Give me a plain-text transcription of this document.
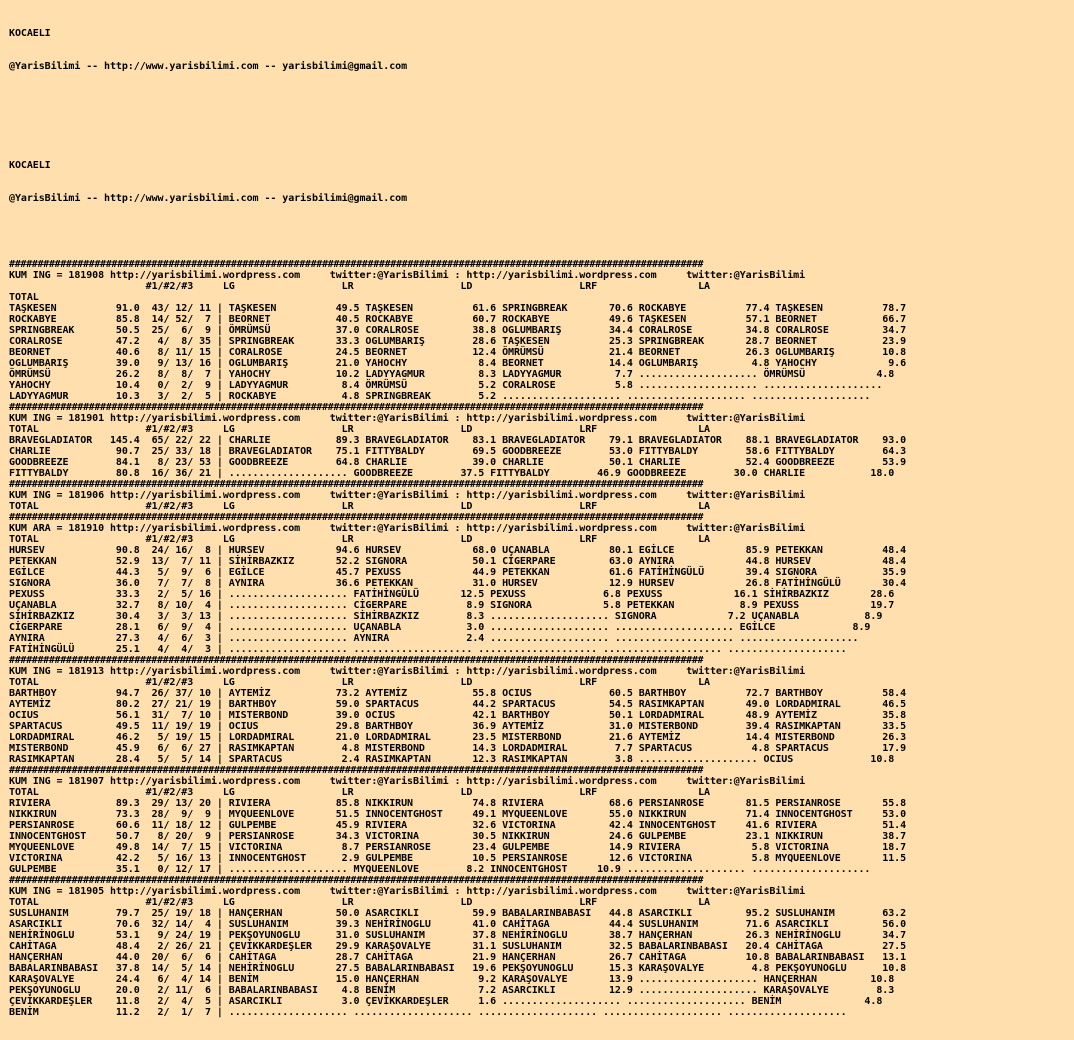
KOCAELI

@YarisBilimi -- http://www.yarisbilimi.com -- yarisbilimi@gmail.com

KOCAELI

@YarisBilimi -- http://www.yarisbilimi.com -- yarisbilimi@gmail.com

##########################################################################################################################
KUM ING = 181908 http://yarisbilimi.wordpress.com     twitter:@YarisBilimi : http://yarisbilimi.wordpress.com     twitter:@YarisBilimi
#1/#2/#3     LG                  LR                  LD                  LRF                 LA
TOTAL
TAŞKESEN          91.0  43/ 12/ 11 | TAŞKESEN          49.5 TAŞKESEN          61.6 SPRINGBREAK       70.6 ROCKABYE          77.4 TAŞKESEN          78.7
ROCKABYE          85.8  14/ 52/  7 | BEORNET           40.5 ROCKABYE          60.7 ROCKABYE          49.6 TAŞKESEN          57.1 BEORNET           66.7
SPRINGBREAK       50.5  25/  6/  9 | ÖMRÜMSÜ           37.0 CORALROSE         38.8 OGLUMBARIŞ        34.4 CORALROSE         34.8 CORALROSE         34.7
CORALROSE         47.2   4/  8/ 35 | SPRINGBREAK       33.3 OGLUMBARIŞ        28.6 TAŞKESEN          25.3 SPRINGBREAK       28.7 BEORNET           23.9
BEORNET           40.6   8/ 11/ 15 | CORALROSE         24.5 BEORNET           12.4 ÖMRÜMSÜ           21.4 BEORNET           26.3 OGLUMBARIŞ        10.8
OGLUMBARIŞ        39.0   9/ 13/ 16 | OGLUMBARIŞ        21.0 YAHOCHY            8.4 BEORNET           14.4 OGLUMBARIŞ         4.8 YAHOCHY            9.6
ÖMRÜMSÜ           26.2   8/  8/  7 | YAHOCHY           10.2 LADYYAGMUR         8.3 LADYYAGMUR         7.7 .................... ÖMRÜMSÜ            4.8
YAHOCHY           10.4   0/  2/  9 | LADYYAGMUR         8.4 ÖMRÜMSÜ            5.2 CORALROSE          5.8 .................... ....................
LADYYAGMUR        10.3   3/  2/  5 | ROCKABYE           4.8 SPRINGBREAK        5.2 .................... .................... ....................
##########################################################################################################################
KUM ING = 181901 http://yarisbilimi.wordpress.com     twitter:@YarisBilimi : http://yarisbilimi.wordpress.com     twitter:@YarisBilimi
TOTAL                  #1/#2/#3     LG                  LR                  LD                  LRF                 LA
BRAVEGLADIATOR   145.4  65/ 22/ 22 | CHARLIE           89.3 BRAVEGLADIATOR    83.1 BRAVEGLADIATOR    79.1 BRAVEGLADIATOR    88.1 BRAVEGLADIATOR    93.0
CHARLIE           90.7  25/ 33/ 18 | BRAVEGLADIATOR    75.1 FITTYBALDY        69.5 GOODBREEZE        53.0 FITTYBALDY        58.6 FITTYBALDY        64.3
GOODBREEZE        84.1   8/ 23/ 53 | GOODBREEZE        64.8 CHARLIE           39.0 CHARLIE           50.1 CHARLIE           52.4 GOODBREEZE        53.9
FITTYBALDY        80.8  16/ 36/ 21 | .................... GOODBREEZE        37.5 FITTYBALDY        46.9 GOODBREEZE        30.0 CHARLIE           18.0
##########################################################################################################################
KUM ING = 181906 http://yarisbilimi.wordpress.com     twitter:@YarisBilimi : http://yarisbilimi.wordpress.com     twitter:@YarisBilimi
TOTAL                  #1/#2/#3     LG                  LR                  LD                  LRF                 LA
##########################################################################################################################
KUM ARA = 181910 http://yarisbilimi.wordpress.com     twitter:@YarisBilimi : http://yarisbilimi.wordpress.com     twitter:@YarisBilimi
TOTAL                  #1/#2/#3     LG                  LR                  LD                  LRF                 LA
HURSEV            90.8  24/ 16/  8 | HURSEV            94.6 HURSEV            68.0 UÇANABLA          80.1 EGİLCE            85.9 PETEKKAN          48.4
PETEKKAN          52.9  13/  7/ 11 | SİHİRBAZKIZ       52.2 SIGNORA           50.1 CİGERPARE         63.0 AYNIRA            44.8 HURSEV            48.4
EGİLCE            44.3   5/  9/  6 | EGİLCE            45.7 PEXUSS            44.9 PETEKKAN          61.6 FATİHİNGÜLÜ       39.4 SIGNORA           35.9
SIGNORA           36.0   7/  7/  8 | AYNIRA            36.6 PETEKKAN          31.0 HURSEV            12.9 HURSEV            26.8 FATİHİNGÜLÜ       30.4
PEXUSS            33.3   2/  5/ 16 | .................... FATİHİNGÜLÜ       12.5 PEXUSS             6.8 PEXUSS            16.1 SİHİRBAZKIZ       28.6
UÇANABLA          32.7   8/ 10/  4 | .................... CİGERPARE          8.9 SIGNORA            5.8 PETEKKAN           8.9 PEXUSS            19.7
SİHİRBAZKIZ       30.4   3/  3/ 13 | .................... SİHİRBAZKIZ        8.3 .................... SIGNORA            7.2 UÇANABLA           8.9
CİGERPARE         28.1   6/  9/  4 | .................... UÇANABLA           3.0 .................... .................... EGİLCE             8.9
AYNIRA            27.3   4/  6/  3 | .................... AYNIRA             2.4 .................... .................... ....................
FATİHİNGÜLÜ       25.1   4/  4/  3 | .................... .................... .................... .................... ....................
##########################################################################################################################
KUM ING = 181913 http://yarisbilimi.wordpress.com     twitter:@YarisBilimi : http://yarisbilimi.wordpress.com     twitter:@YarisBilimi
TOTAL                  #1/#2/#3     LG                  LR                  LD                  LRF                 LA
BARTHBOY          94.7  26/ 37/ 10 | AYTEMİZ           73.2 AYTEMİZ           55.8 OCIUS             60.5 BARTHBOY          72.7 BARTHBOY          58.4
AYTEMİZ           80.2  27/ 21/ 19 | BARTHBOY          59.0 SPARTACUS         44.2 SPARTACUS         54.5 RASIMKAPTAN       49.0 LORDADMIRAL       46.5
OCIUS             56.1  31/  7/ 10 | MISTERBOND        39.0 OCIUS             42.1 BARTHBOY          50.1 LORDADMIRAL       48.9 AYTEMİZ           35.8
SPARTACUS         49.5  11/ 19/ 19 | OCIUS             29.8 BARTHBOY          36.9 AYTEMİZ           31.0 MISTERBOND        39.4 RASIMKAPTAN       33.5
LORDADMIRAL       46.2   5/ 19/ 15 | LORDADMIRAL       21.0 LORDADMIRAL       23.5 MISTERBOND        21.6 AYTEMİZ           14.4 MISTERBOND        26.3
MISTERBOND        45.9   6/  6/ 27 | RASIMKAPTAN        4.8 MISTERBOND        14.3 LORDADMIRAL        7.7 SPARTACUS          4.8 SPARTACUS         17.9
RASIMKAPTAN       28.4   5/  5/ 14 | SPARTACUS          2.4 RASIMKAPTAN       12.3 RASIMKAPTAN        3.8 .................... OCIUS             10.8
##########################################################################################################################
KUM ING = 181907 http://yarisbilimi.wordpress.com     twitter:@YarisBilimi : http://yarisbilimi.wordpress.com     twitter:@YarisBilimi
TOTAL                  #1/#2/#3     LG                  LR                  LD                  LRF                 LA
RIVIERA           89.3  29/ 13/ 20 | RIVIERA           85.8 NIKKIRUN          74.8 RIVIERA           68.6 PERSIANROSE       81.5 PERSIANROSE       55.8
NIKKIRUN          73.3  28/  9/  9 | MYQUEENLOVE       51.5 INNOCENTGHOST     49.1 MYQUEENLOVE       55.0 NIKKIRUN          71.4 INNOCENTGHOST     53.0
PERSIANROSE       60.6  11/ 18/ 12 | GULPEMBE          45.9 RIVIERA           32.6 VICTORINA         42.4 INNOCENTGHOST     41.6 RIVIERA           51.4
INNOCENTGHOST     50.7   8/ 20/  9 | PERSIANROSE       34.3 VICTORINA         30.5 NIKKIRUN          24.6 GULPEMBE          23.1 NIKKIRUN          38.7
MYQUEENLOVE       49.8  14/  7/ 15 | VICTORINA          8.7 PERSIANROSE       23.4 GULPEMBE          14.9 RIVIERA            5.8 VICTORINA         18.7
VICTORINA         42.2   5/ 16/ 13 | INNOCENTGHOST      2.9 GULPEMBE          10.5 PERSIANROSE       12.6 VICTORINA          5.8 MYQUEENLOVE       11.5
GULPEMBE          35.1   0/ 12/ 17 | .................... MYQUEENLOVE        8.2 INNOCENTGHOST     10.9 .................... ....................
##########################################################################################################################
KUM ING = 181905 http://yarisbilimi.wordpress.com     twitter:@YarisBilimi : http://yarisbilimi.wordpress.com     twitter:@YarisBilimi
TOTAL                  #1/#2/#3     LG                  LR                  LD                  LRF                 LA
SUSLUHANIM        79.7  25/ 19/ 18 | HANÇERHAN         50.0 ASARCIKLI         59.9 BABALARINBABASI   44.8 ASARCIKLI         95.2 SUSLUHANIM        63.2
ASARCIKLI         70.6  32/ 14/  4 | SUSLUHANIM        39.3 NEHİRİNOGLU       41.0 CAHİTAGA          44.4 SUSLUHANIM        71.6 ASARCIKLI         56.0
NEHİRİNOGLU       53.1   9/ 24/ 19 | PEKŞOYUNOGLU      31.0 SUSLUHANIM        37.8 NEHİRİNOGLU       38.7 HANÇERHAN         26.3 NEHİRİNOGLU       34.7
CAHİTAGA          48.4   2/ 26/ 21 | ÇEVİKKARDEŞLER    29.9 KARAŞOVALYE       31.1 SUSLUHANIM        32.5 BABALARINBABASI   20.4 CAHİTAGA          27.5
HANÇERHAN         44.0  20/  6/  6 | CAHİTAGA          28.7 CAHİTAGA          21.9 HANÇERHAN         26.7 CAHİTAGA          10.8 BABALARINBABASI   13.1
BABALARINBABASI   37.8  14/  5/ 14 | NEHİRİNOGLU       27.5 BABALARINBABASI   19.6 PEKŞOYUNOGLU      15.3 KARAŞOVALYE        4.8 PEKŞOYUNOGLU      10.8
KARAŞOVALYE       24.4   6/  4/ 14 | BENİM             15.0 HANÇERHAN          9.2 KARAŞOVALYE       13.9 .................... HANÇERHAN         10.8
PEKŞOYUNOGLU      20.0   2/ 11/  6 | BABALARINBABASI    4.8 BENİM              7.2 ASARCIKLI         12.9 .................... KARAŞOVALYE        8.3
ÇEVİKKARDEŞLER    11.8   2/  4/  5 | ASARCIKLI          3.0 ÇEVİKKARDEŞLER     1.6 .................... .................... BENİM              4.8
BENİM             11.2   2/  1/  7 | .................... .................... .................... .................... ....................
